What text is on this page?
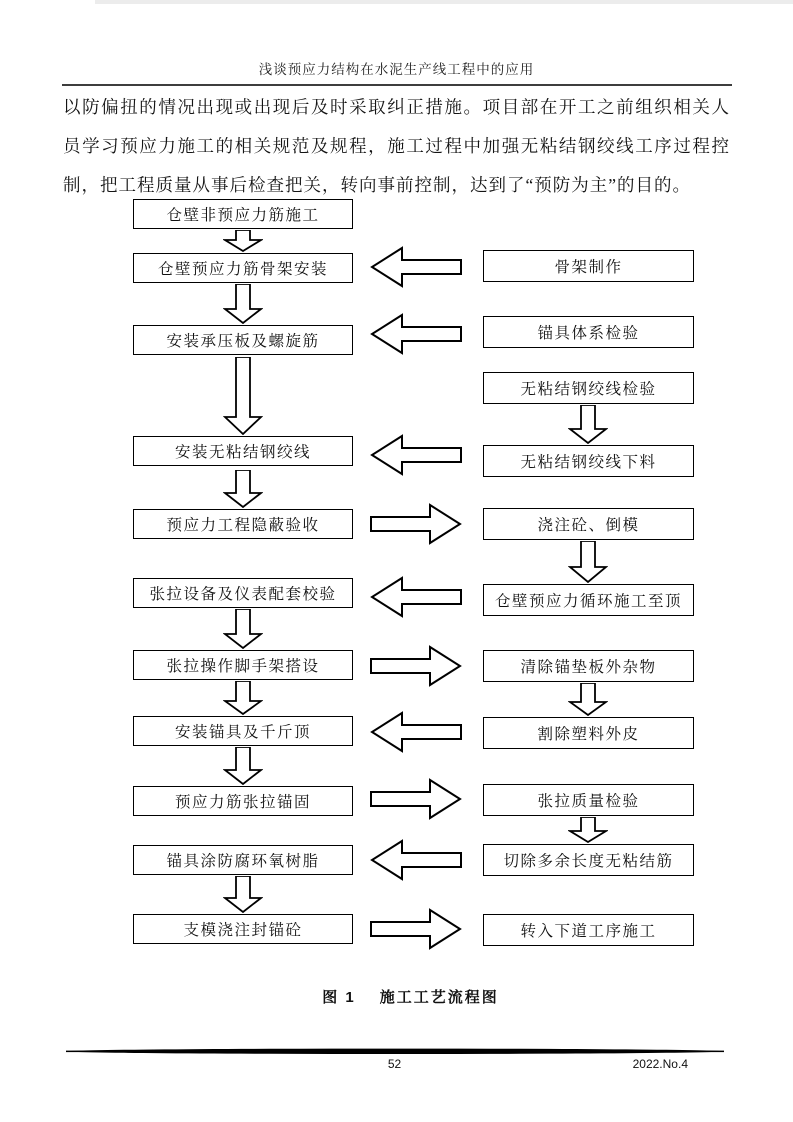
浅谈预应力结构在水泥生产线工程中的应用
以防偏扭的情况出现或出现后及时采取纠正措施。项目部在开工之前组织相关人
员学习预应力施工的相关规范及规程，施工过程中加强无粘结钢绞线工序过程控
制，把工程质量从事后检查把关，转向事前控制，达到了“预防为主”的目的。
仓壁非预应力筋施工
仓壁预应力筋骨架安装
安装承压板及螺旋筋
安装无粘结钢绞线
预应力工程隐蔽验收
张拉设备及仪表配套校验
张拉操作脚手架搭设
安装锚具及千斤顶
预应力筋张拉锚固
锚具涂防腐环氧树脂
支模浇注封锚砼
骨架制作
锚具体系检验
无粘结钢绞线检验
无粘结钢绞线下料
浇注砼、倒模
仓壁预应力循环施工至顶
清除锚垫板外杂物
割除塑料外皮
张拉质量检验
切除多余长度无粘结筋
转入下道工序施工
图 1 施工工艺流程图
52	2022.No.4
